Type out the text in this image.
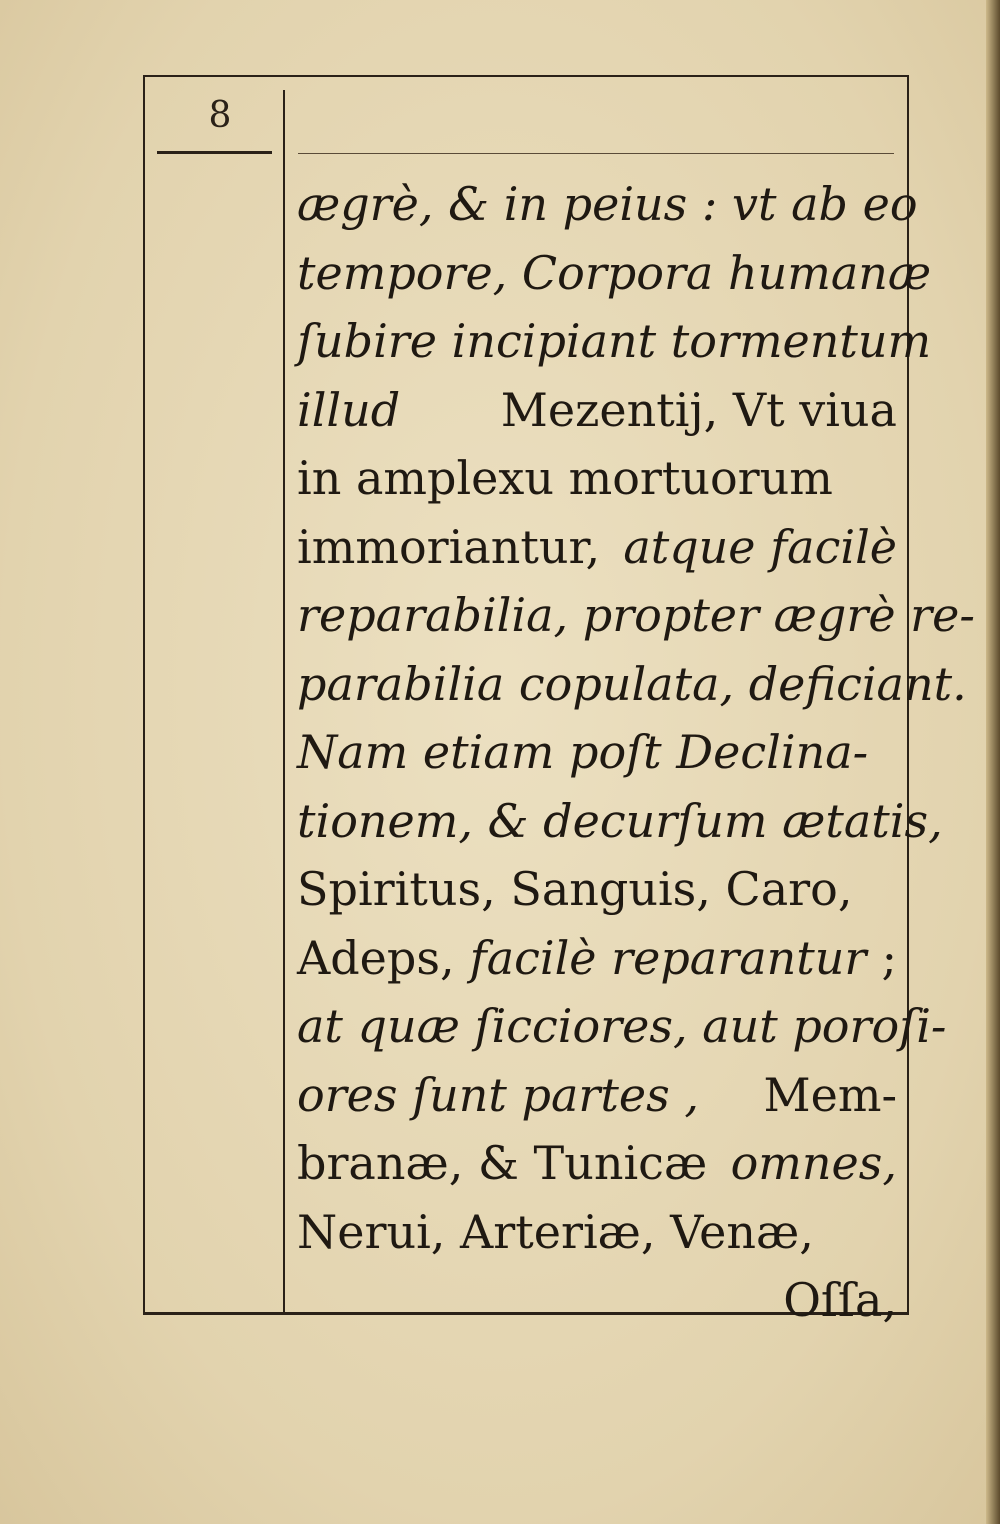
8
ægrè, & in peius : vt ab eo
tempore, Corpora humanæ
ſubire incipiant tormentum
illud Mezentij, Vt viua
in amplexu mortuorum
immoriantur, atque facilè
reparabilia, propter ægrè re-
parabilia copulata, deficiant.
Nam etiam poſt Declina-
tionem, & decurſum ætatis,
Spiritus, Sanguis, Caro,
Adeps, facilè reparantur ;
at quæ ſicciores, aut poroſi-
ores ſunt partes , Mem-
branæ, & Tunicæ omnes,
Nerui, Arteriæ, Venæ,
Oſſa,
